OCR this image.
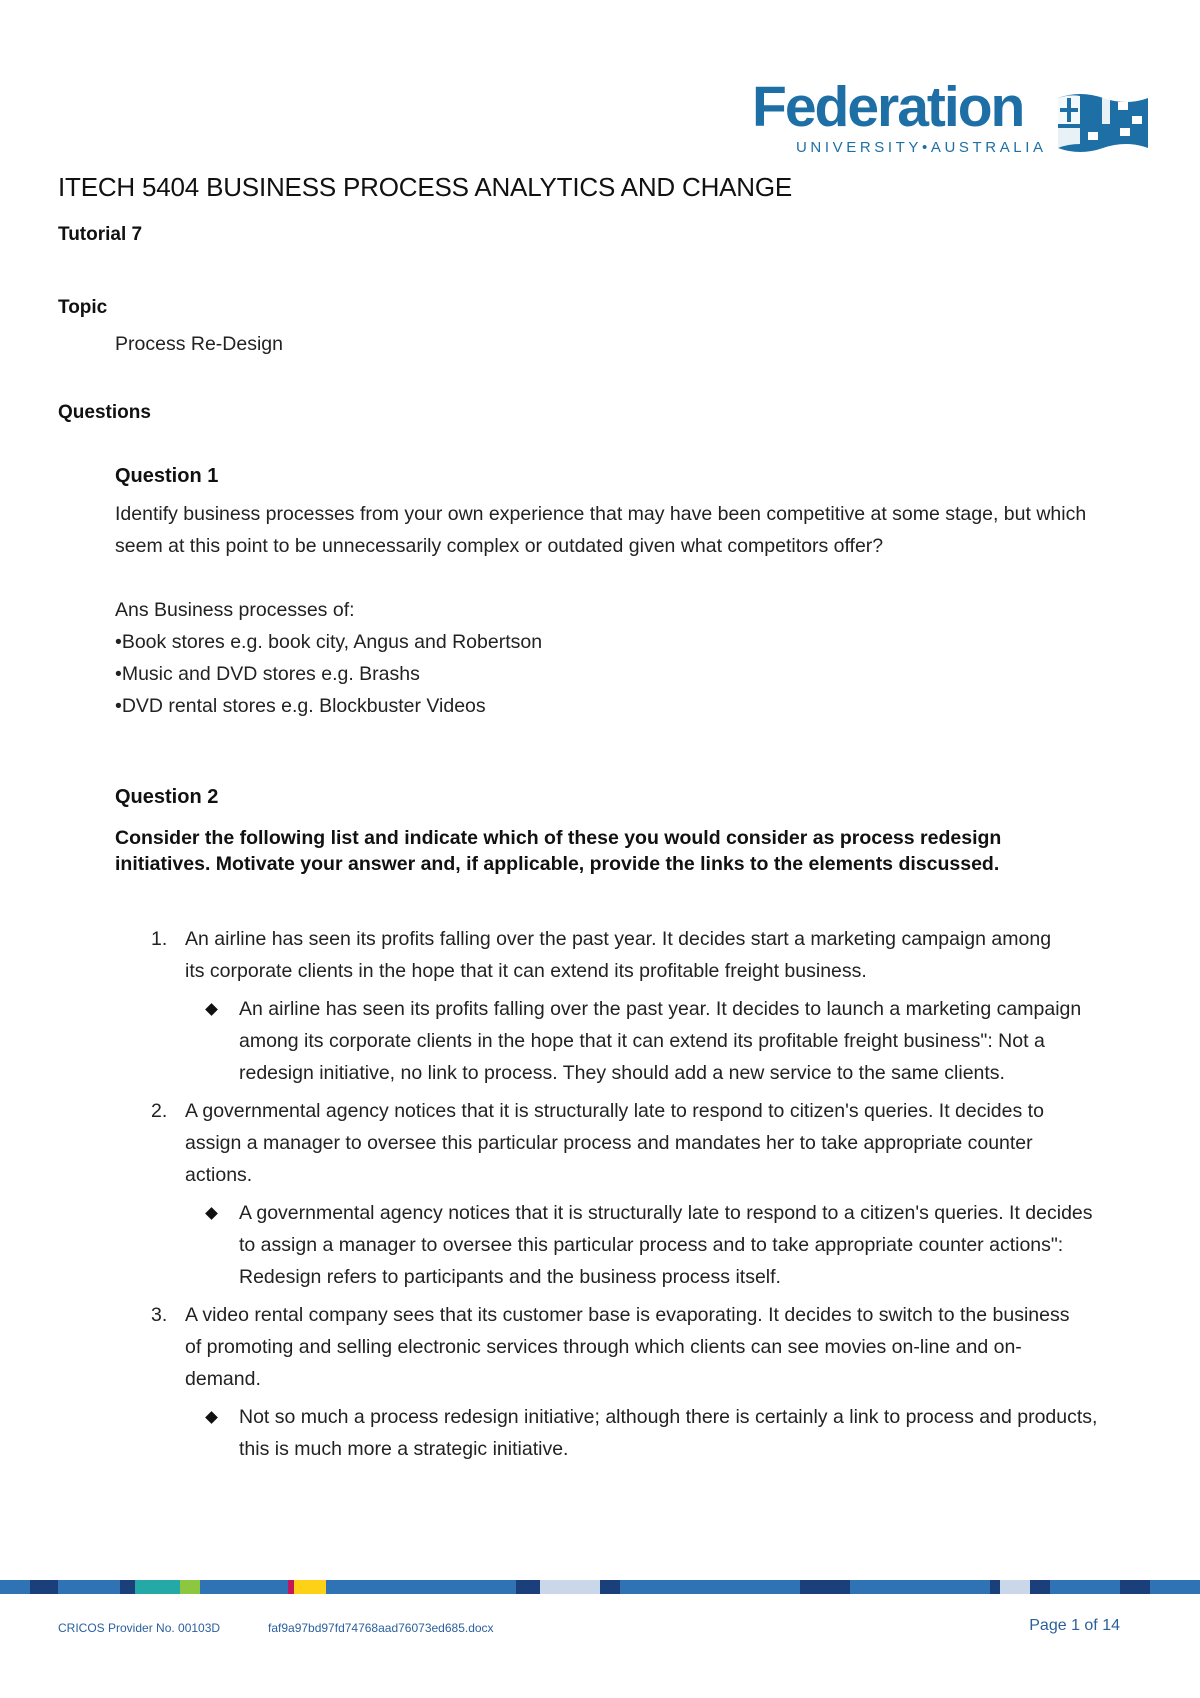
Federation
UNIVERSITY•AUSTRALIA
ITECH 5404 BUSINESS PROCESS ANALYTICS AND CHANGE
Tutorial 7
Topic
Process Re-Design
Questions
Question 1
Identify business processes from your own experience that may have been competitive at some stage, but which seem at this point to be unnecessarily complex or outdated given what competitors offer?
Ans Business processes of:
•Book stores e.g. book city, Angus and Robertson
•Music and DVD stores e.g. Brashs
•DVD rental stores e.g. Blockbuster Videos
Question 2
Consider the following list and indicate which of these you would consider as process redesign initiatives. Motivate your answer and, if applicable, provide the links to the elements discussed.
1. An airline has seen its profits falling over the past year. It decides start a marketing campaign among its corporate clients in the hope that it can extend its profitable freight business.
An airline has seen its profits falling over the past year. It decides to launch a marketing campaign among its corporate clients in the hope that it can extend its profitable freight business": Not a redesign initiative, no link to process. They should add a new service to the same clients.
2. A governmental agency notices that it is structurally late to respond to citizen's queries. It decides to assign a manager to oversee this particular process and mandates her to take appropriate counter actions.
A governmental agency notices that it is structurally late to respond to a citizen's queries. It decides to assign a manager to oversee this particular process and to take appropriate counter actions": Redesign refers to participants and the business process itself.
3. A video rental company sees that its customer base is evaporating. It decides to switch to the business of promoting and selling electronic services through which clients can see movies on-line and on-demand.
Not so much a process redesign initiative; although there is certainly a link to process and products, this is much more a strategic initiative.
CRICOS Provider No. 00103D	faf9a97bd97fd74768aad76073ed685.docx	Page 1 of 14
